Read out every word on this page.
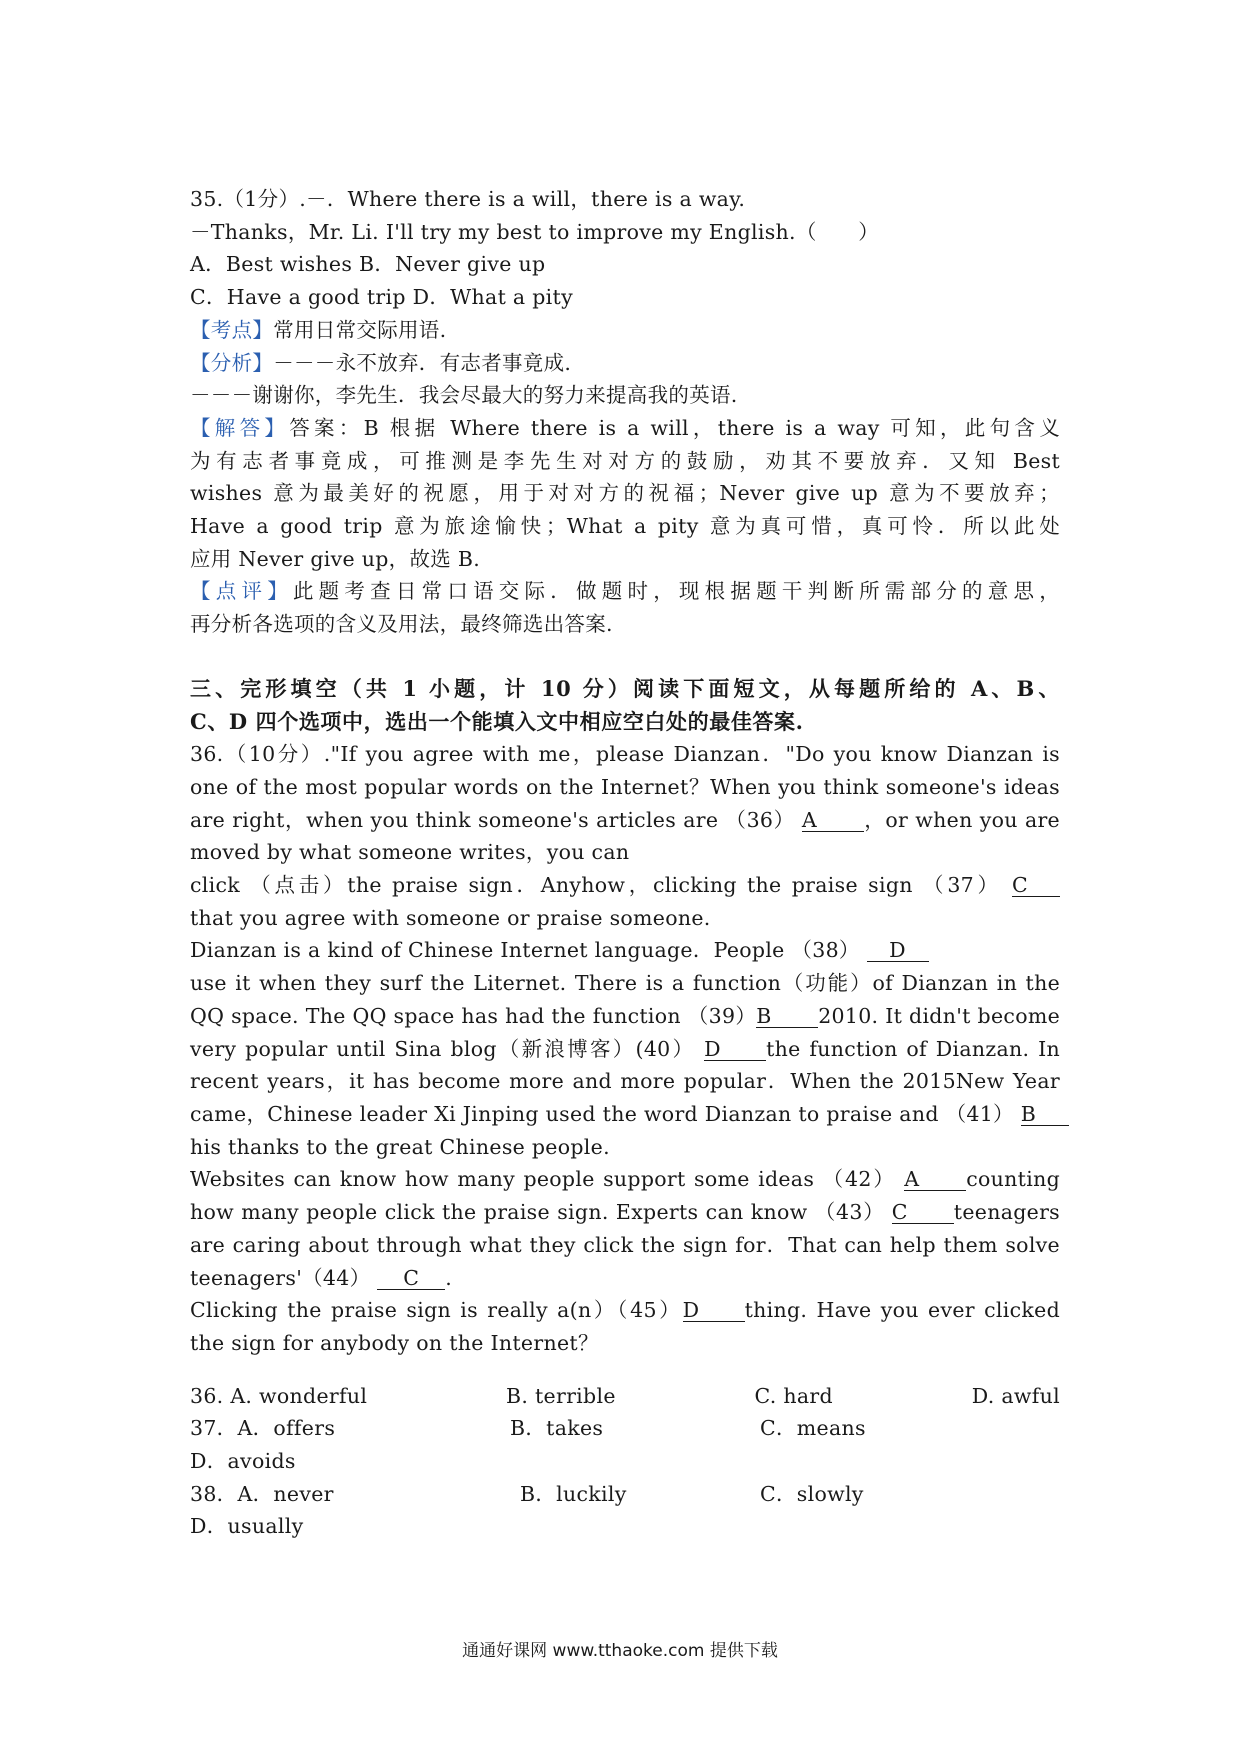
35.（1分）.－．Where there is a will，there is a way.
－Thanks，Mr. Li. I'll try my best to improve my English.（　　）
A．Best wishes B．Never give up
C．Have a good trip D．What a pity
【考点】常用日常交际用语.
【分析】－－－永不放弃．有志者事竟成.
－－－谢谢你，李先生．我会尽最大的努力来提高我的英语.
【解答】答案：B 根据 Where there is a will，there is a way 可知，此句含义
为有志者事竟成，可推测是李先生对对方的鼓励，劝其不要放弃．又知 Best
wishes 意为最美好的祝愿，用于对对方的祝福；Never give up 意为不要放弃；
Have a good trip 意为旅途愉快；What a pity 意为真可惜，真可怜．所以此处
应用 Never give up，故选 B.
【点评】此题考查日常口语交际．做题时，现根据题干判断所需部分的意思，
再分析各选项的含义及用法，最终筛选出答案.
三、完形填空（共 1 小题，计 10 分）阅读下面短文，从每题所给的 A、B、
C、D 四个选项中，选出一个能填入文中相应空白处的最佳答案.
36.（10分）."If you agree with me，please Dianzan．"Do you know Dianzan is
one of the most popular words on the Internet？When you think someone's ideas
are right，when you think someone's articles are （36） A ，or when you are
moved by what someone writes，you can
click （点击）the praise sign．Anyhow，clicking the praise sign （37） C
that you agree with someone or praise someone.
Dianzan is a kind of Chinese Internet language．People （38） D
use it when they surf the Liternet. There is a function（功能）of Dianzan in the
QQ space. The QQ space has had the function （39）B 2010. It didn't become
very popular until Sina blog（新浪博客）(40） D the function of Dianzan. In
recent years，it has become more and more popular．When the 2015New Year
came，Chinese leader Xi Jinping used the word Dianzan to praise and （41） B
his thanks to the great Chinese people.
Websites can know how many people support some ideas （42） A counting
how many people click the praise sign. Experts can know （43） C teenagers
are caring about through what they click the sign for．That can help them solve
teenagers'（44） C .
Clicking the praise sign is really a(n）（45）D thing. Have you ever clicked
the sign for anybody on the Internet？
36. A. wonderful	B. terrible	C. hard	D. awful
37．A．offers	B．takes	C．means
D．avoids
38．A．never	B．luckily	C．slowly
D．usually
通通好课网 www.tthaoke.com 提供下载
